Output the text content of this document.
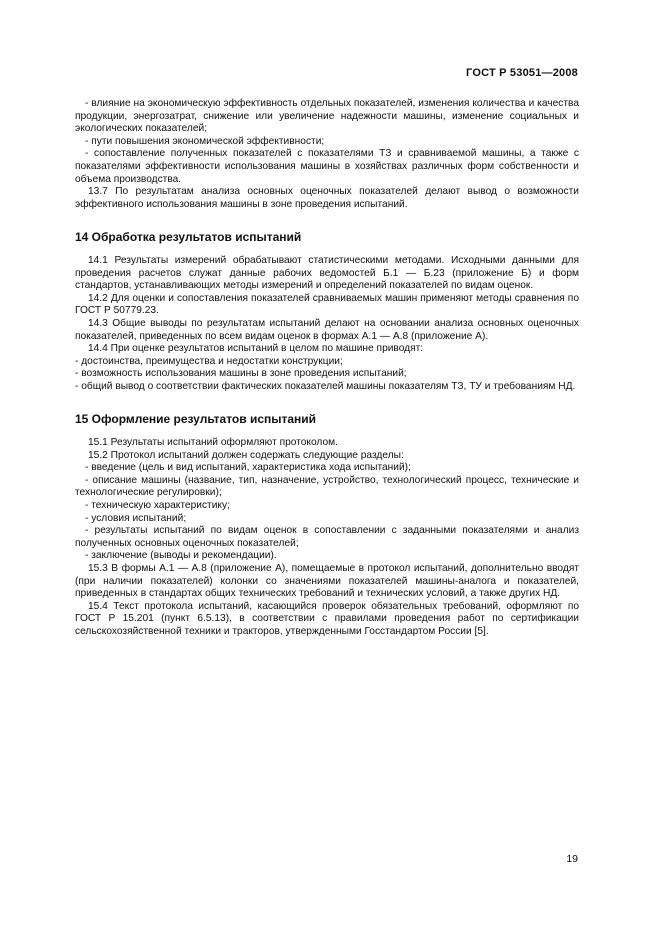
ГОСТ Р 53051—2008

- влияние на экономическую эффективность отдельных показателей, изменения количества и качества продукции, энергозатрат, снижение или увеличение надежности машины, изменение социальных и экологических показателей;

- пути повышения экономической эффективности;

- сопоставление полученных показателей с показателями ТЗ и сравниваемой машины, а также с показателями эффективности использования машины в хозяйствах различных форм собственности и объема производства.

13.7 По результатам анализа основных оценочных показателей делают вывод о возможности эффективного использования машины в зоне проведения испытаний.

14 Обработка результатов испытаний

14.1 Результаты измерений обрабатывают статистическими методами. Исходными данными для проведения расчетов служат данные рабочих ведомостей Б.1 — Б.23 (приложение Б) и форм стандартов, устанавливающих методы измерений и определений показателей по видам оценок.

14.2 Для оценки и сопоставления показателей сравниваемых машин применяют методы сравнения по ГОСТ Р 50779.23.

14.3 Общие выводы по результатам испытаний делают на основании анализа основных оценочных показателей, приведенных по всем видам оценок в формах А.1 — А.8 (приложение А).

14.4 При оценке результатов испытаний в целом по машине приводят:

- достоинства, преимущества и недостатки конструкции;

- возможность использования машины в зоне проведения испытаний;

- общий вывод о соответствии фактических показателей машины показателям ТЗ, ТУ и требованиям НД.

15 Оформление результатов испытаний

15.1 Результаты испытаний оформляют протоколом.

15.2 Протокол испытаний должен содержать следующие разделы:

- введение (цель и вид испытаний, характеристика хода испытаний);

- описание машины (название, тип, назначение, устройство, технологический процесс, технические и технологические регулировки);

- техническую характеристику;

- условия испытаний;

- результаты испытаний по видам оценок в сопоставлении с заданными показателями и анализ полученных основных оценочных показателей;

- заключение (выводы и рекомендации).

15.3 В формы А.1 — А.8 (приложение А), помещаемые в протокол испытаний, дополнительно вводят (при наличии показателей) колонки со значениями показателей машины-аналога и показателей, приведенных в стандартах общих технических требований и технических условий, а также других НД.

15.4 Текст протокола испытаний, касающийся проверок обязательных требований, оформляют по ГОСТ Р 15.201 (пункт 6.5.13), в соответствии с правилами проведения работ по сертификации сельскохозяйственной техники и тракторов, утвержденными Госстандартом России [5].

19
